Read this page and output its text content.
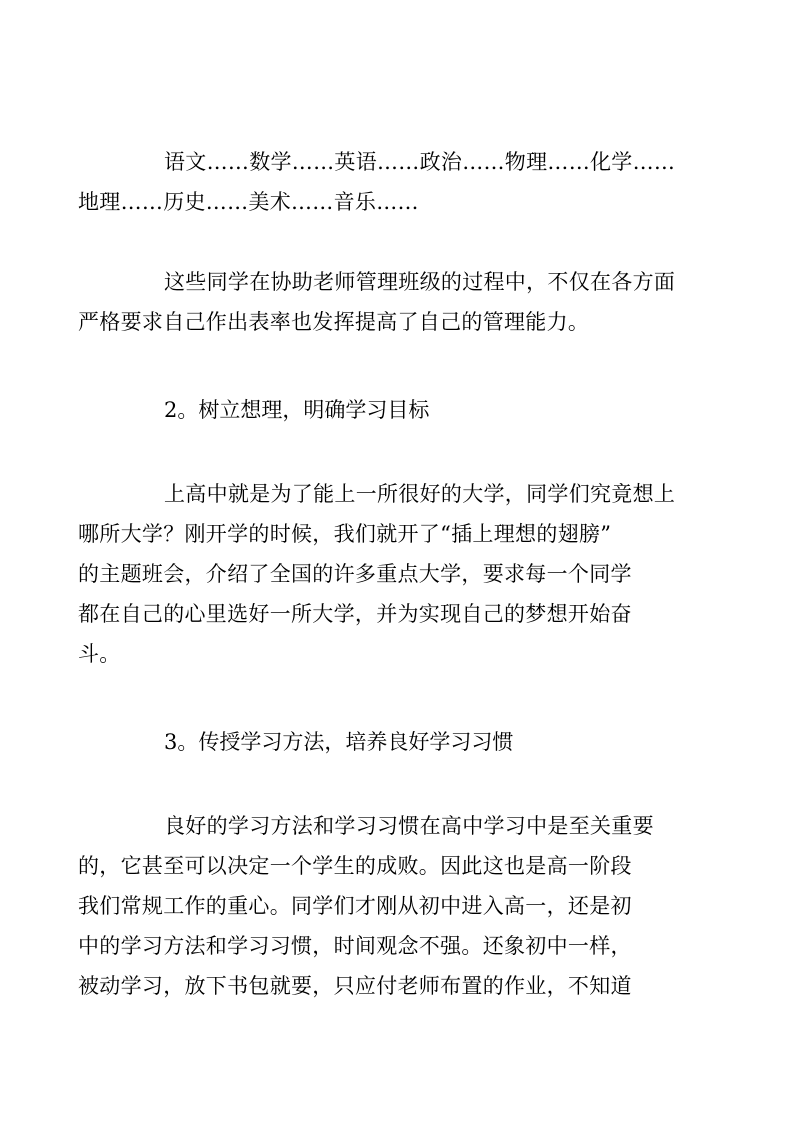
语文……数学……英语……政治……物理……化学……
地理……历史……美术……音乐……

这些同学在协助老师管理班级的过程中，不仅在各方面
严格要求自己作出表率也发挥提高了自己的管理能力。

2。树立想理，明确学习目标

上高中就是为了能上一所很好的大学，同学们究竟想上
哪所大学？刚开学的时候，我们就开了“插上理想的翅膀”
的主题班会，介绍了全国的许多重点大学，要求每一个同学
都在自己的心里选好一所大学，并为实现自己的梦想开始奋
斗。

3。传授学习方法，培养良好学习习惯

良好的学习方法和学习习惯在高中学习中是至关重要
的，它甚至可以决定一个学生的成败。因此这也是高一阶段
我们常规工作的重心。同学们才刚从初中进入高一，还是初
中的学习方法和学习习惯，时间观念不强。还象初中一样，
被动学习，放下书包就要，只应付老师布置的作业，不知道
